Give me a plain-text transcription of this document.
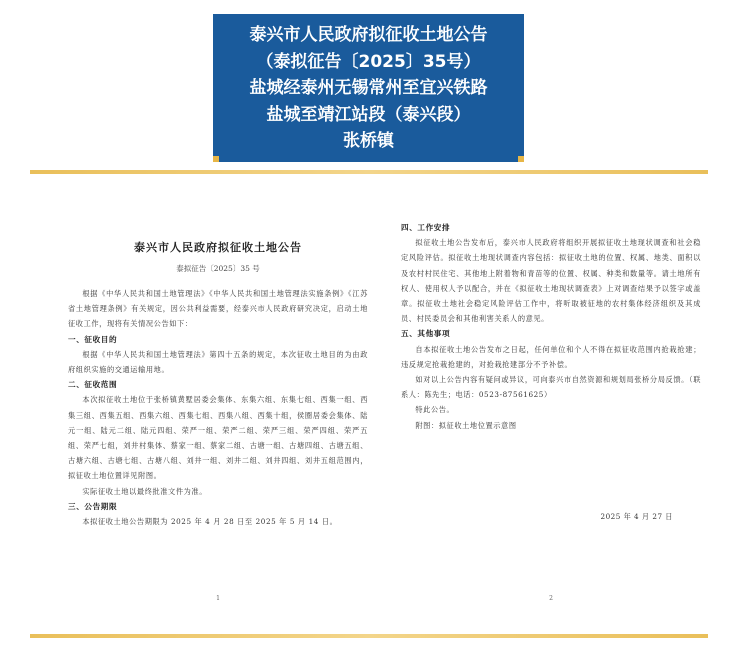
泰兴市人民政府拟征收土地公告
（泰拟征告〔2025〕35号）
盐城经泰州无锡常州至宜兴铁路
盐城至靖江站段（泰兴段）
张桥镇
泰兴市人民政府拟征收土地公告
泰拟征告〔2025〕35 号

根据《中华人民共和国土地管理法》《中华人民共和国土地管理法实施条例》《江苏省土地管理条例》有关规定，因公共利益需要，经泰兴市人民政府研究决定，启动土地征收工作，现将有关情况公告如下：

一、征收目的

根据《中华人民共和国土地管理法》第四十五条的规定，本次征收土地目的为由政府组织实施的交通运输用地。

二、征收范围

本次拟征收土地位于张桥镇黄墅居委会集体、东集六组、东集七组、西集一组、西集三组、西集五组、西集六组、西集七组、西集八组、西集十组，侯圈居委会集体、陆元一组、陆元二组、陆元四组、荣严一组、荣严二组、荣严三组、荣严四组、荣严五组、荣严七组，刘井村集体、蔡家一组、蔡家二组、古塘一组、古塘四组、古塘五组、古塘六组、古塘七组、古塘八组、刘井一组、刘井二组、刘井四组、刘井五组范围内，拟征收土地位置详见附图。

实际征收土地以最终批准文件为准。

三、公告期限

本拟征收土地公告期限为 2025 年 4 月 28 日至 2025 年 5 月 14 日。

1

四、工作安排

拟征收土地公告发布后，泰兴市人民政府将组织开展拟征收土地现状调查和社会稳定风险评估。拟征收土地现状调查内容包括：拟征收土地的位置、权属、地类、面积以及农村村民住宅、其他地上附着物和青苗等的位置、权属、种类和数量等。请土地所有权人、使用权人予以配合，并在《拟征收土地现状调查表》上对调查结果予以签字或盖章。拟征收土地社会稳定风险评估工作中，将听取被征地的农村集体经济组织及其成员、村民委员会和其他利害关系人的意见。

五、其他事项

自本拟征收土地公告发布之日起，任何单位和个人不得在拟征收范围内抢栽抢建；违反规定抢栽抢建的，对抢栽抢建部分不予补偿。

如对以上公告内容有疑问或异议，可向泰兴市自然资源和规划局张桥分局反馈。（联系人：陈先生；电话：0523-87561625）

特此公告。

附图：拟征收土地位置示意图

2025 年 4 月 27 日
2
